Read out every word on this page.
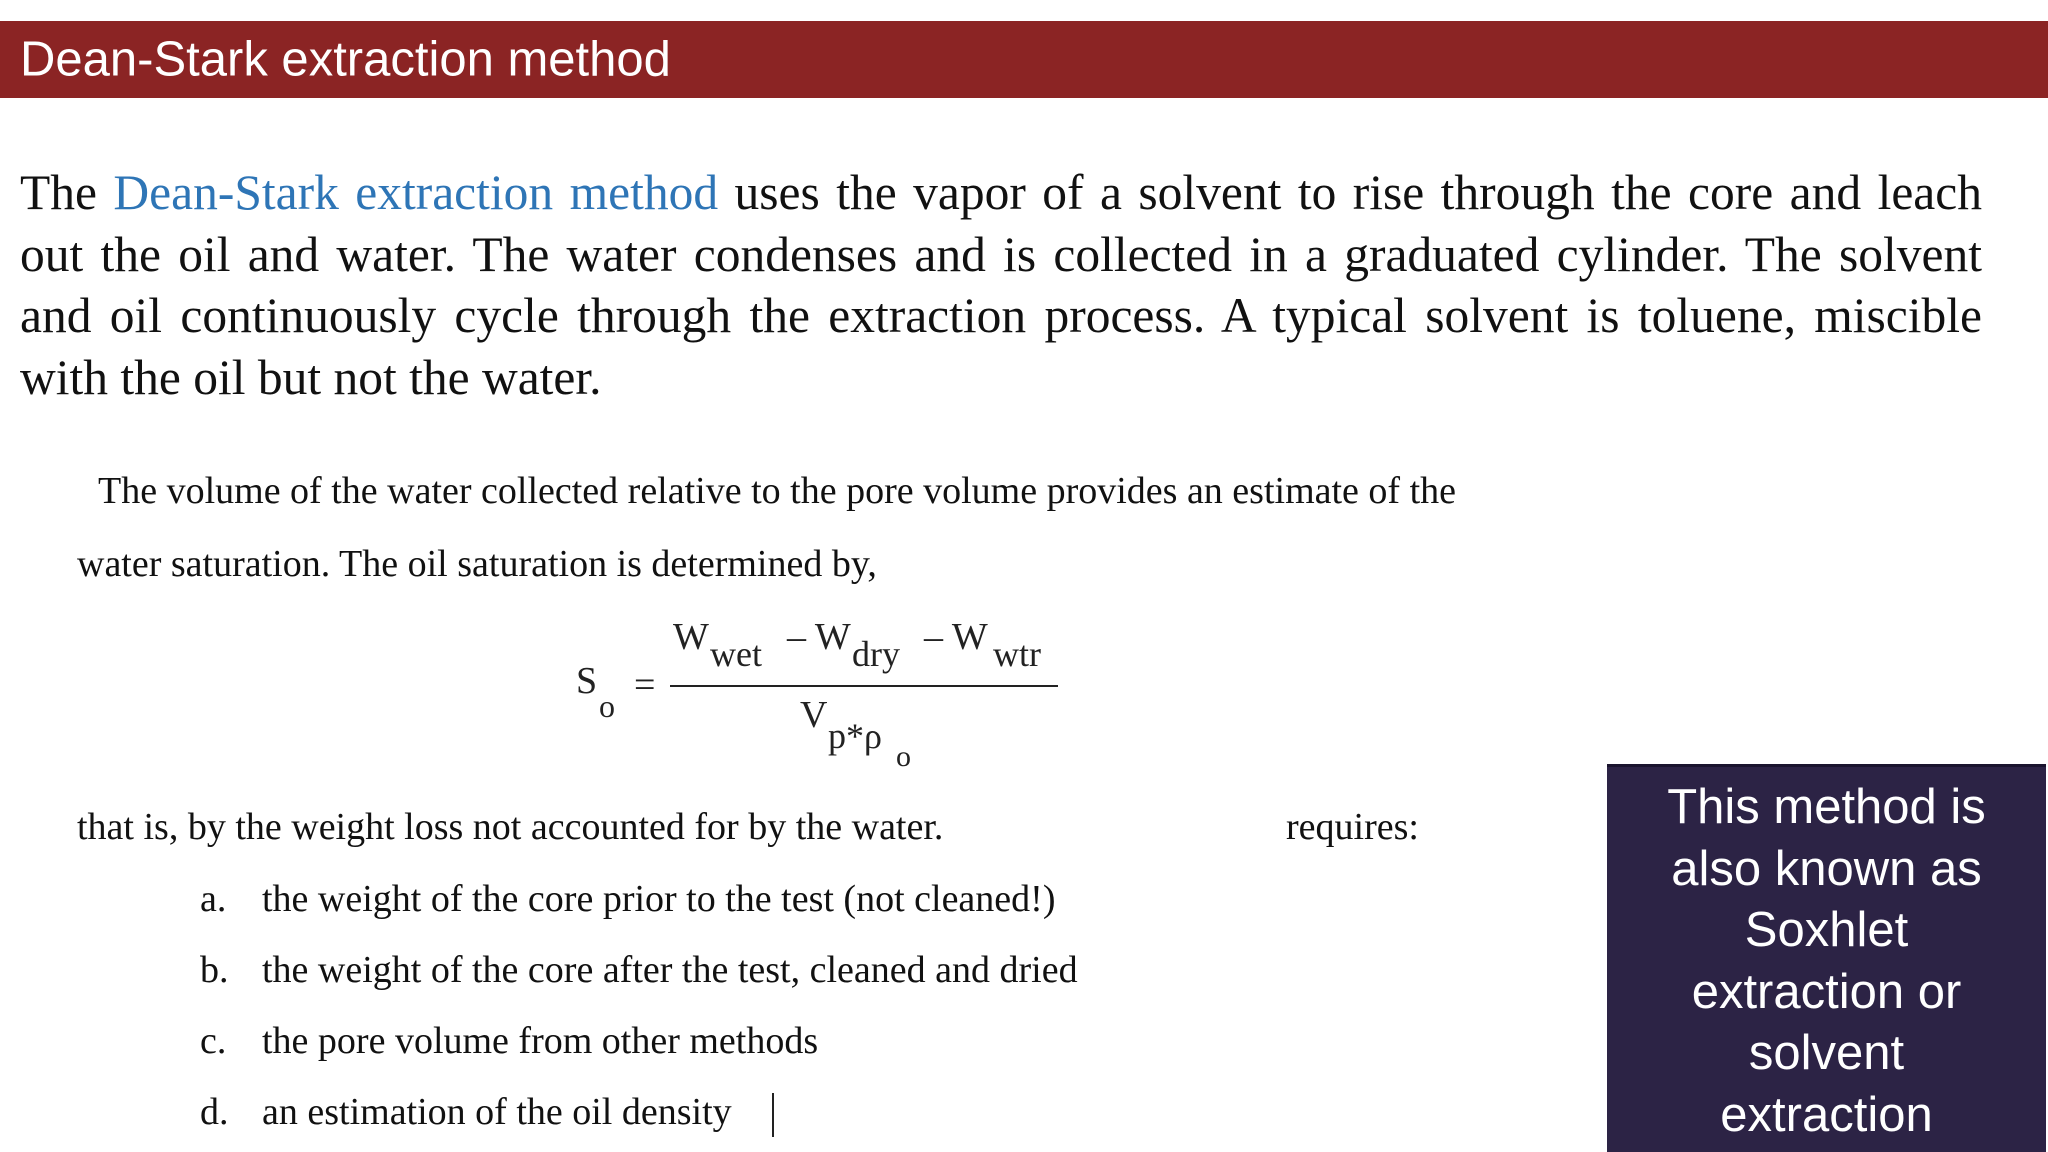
Dean-Stark extraction method
The Dean-Stark extraction method uses the vapor of a solvent to rise through the core and leach
out the oil and water. The water condenses and is collected in a graduated cylinder. The solvent
and oil continuously cycle through the extraction process. A typical solvent is toluene, miscible
with the oil but not the water.
The volume of the water collected relative to the pore volume provides an estimate of the
water saturation. The oil saturation is determined by,
S
o =
W wet – W dry – W wtr
V p*ρ
o
that is, by the weight loss not accounted for by the water.	requires:
a. the weight of the core prior to the test (not cleaned!)
b. the weight of the core after the test, cleaned and dried
c. the pore volume from other methods
d. an estimation of the oil density
This method is
also known as
Soxhlet
extraction or
solvent
extraction
